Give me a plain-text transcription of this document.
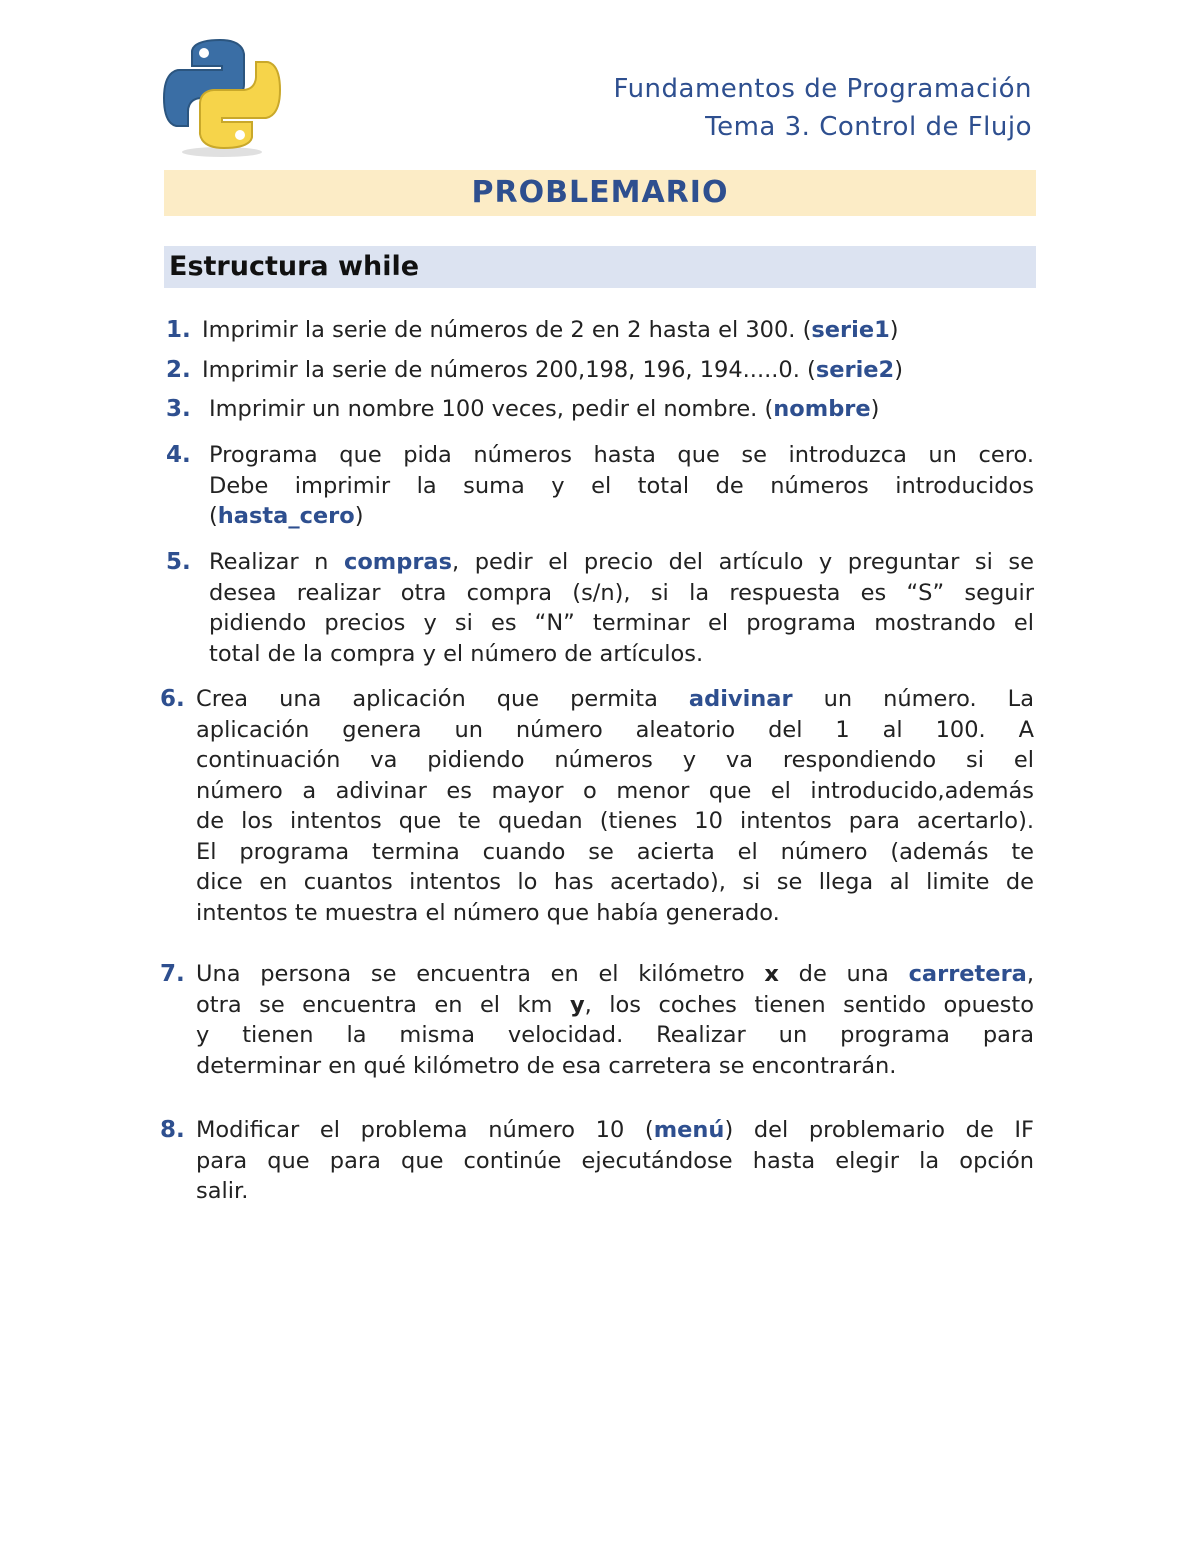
Fundamentos de Programación
Tema 3. Control de Flujo
PROBLEMARIO
Estructura while
1. Imprimir la serie de números de 2 en 2 hasta el 300. (serie1)
2. Imprimir la serie de números 200,198, 196, 194.....0. (serie2)
3. Imprimir un nombre 100 veces, pedir el nombre. (nombre)
4. Programa que pida números hasta que se introduzca un cero.
Debe imprimir la suma y el total de números introducidos
(hasta_cero)
5. Realizar n compras, pedir el precio del artículo y preguntar si se
desea realizar otra compra (s/n), si la respuesta es “S” seguir
pidiendo precios y si es “N” terminar el programa mostrando el
total de la compra y el número de artículos.
6. Crea una aplicación que permita adivinar un número. La
aplicación genera un número aleatorio del 1 al 100. A
continuación va pidiendo números y va respondiendo si el
número a adivinar es mayor o menor que el introducido,además
de los intentos que te quedan (tienes 10 intentos para acertarlo).
El programa termina cuando se acierta el número (además te
dice en cuantos intentos lo has acertado), si se llega al limite de
intentos te muestra el número que había generado.
7. Una persona se encuentra en el kilómetro x de una carretera,
otra se encuentra en el km y, los coches tienen sentido opuesto
y tienen la misma velocidad. Realizar un programa para
determinar en qué kilómetro de esa carretera se encontrarán.
8. Modificar el problema número 10 (menú) del problemario de IF
para que para que continúe ejecutándose hasta elegir la opción
salir.
